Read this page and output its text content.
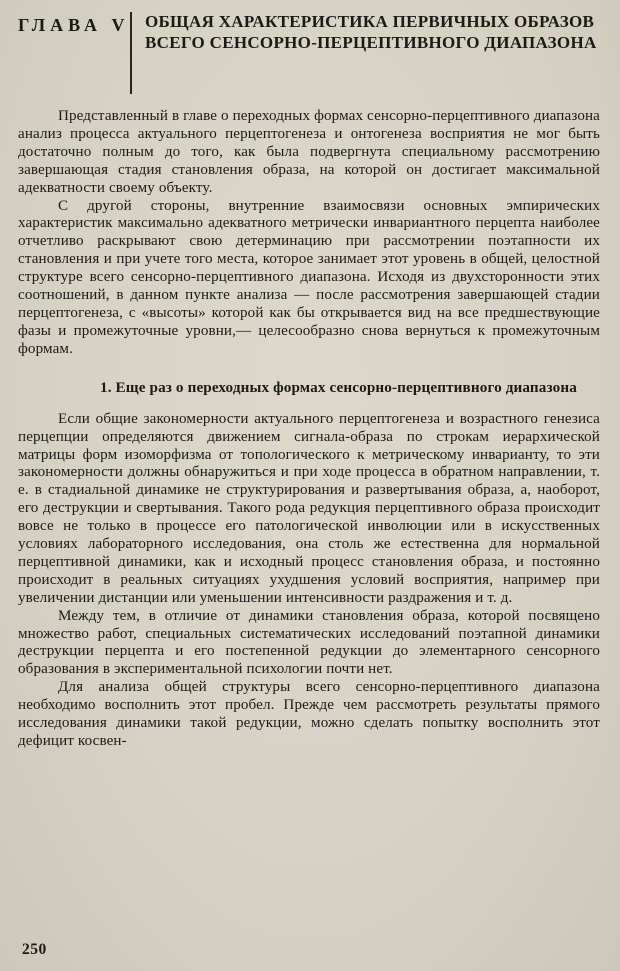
ГЛАВА V ОБЩАЯ ХАРАКТЕРИСТИКА ПЕРВИЧНЫХ ОБРАЗОВ ВСЕГО СЕНСОРНО-ПЕРЦЕПТИВНОГО ДИАПАЗОНА

Представленный в главе о переходных формах сенсорно-перцептивного диапазона анализ процесса актуального перцептогенеза и онтогенеза восприятия не мог быть достаточно полным до того, как была подвергнута специальному рассмотрению завершающая стадия становления образа, на которой он достигает максимальной адекватности своему объекту.

С другой стороны, внутренние взаимосвязи основных эмпирических характеристик максимально адекватного метрически инвариантного перцепта наиболее отчетливо раскрывают свою детерминацию при рассмотрении поэтапности их становления и при учете того места, которое занимает этот уровень в общей, целостной структуре всего сенсорно-перцептивного диапазона. Исходя из двухсторонности этих соотношений, в данном пункте анализа — после рассмотрения завершающей стадии перцептогенеза, с «высоты» которой как бы открывается вид на все предшествующие фазы и промежуточные уровни,— целесообразно снова вернуться к промежуточным формам.

1. Еще раз о переходных формах сенсорно-перцептивного диапазона

Если общие закономерности актуального перцептогенеза и возрастного генезиса перцепции определяются движением сигнала-образа по строкам иерархической матрицы форм изоморфизма от топологического к метрическому инварианту, то эти закономерности должны обнаружиться и при ходе процесса в обратном направлении, т. е. в стадиальной динамике не структурирования и развертывания образа, а, наоборот, его деструкции и свертывания. Такого рода редукция перцептивного образа происходит вовсе не только в процессе его патологической инволюции или в искусственных условиях лабораторного исследования, она столь же естественна для нормальной перцептивной динамики, как и исходный процесс становления образа, и постоянно происходит в реальных ситуациях ухудшения условий восприятия, например при увеличении дистанции или уменьшении интенсивности раздражения и т. д.

Между тем, в отличие от динамики становления образа, которой посвящено множество работ, специальных систематических исследований поэтапной динамики деструкции перцепта и его постепенной редукции до элементарного сенсорного образования в экспериментальной психологии почти нет.

Для анализа общей структуры всего сенсорно-перцептивного диапазона необходимо восполнить этот пробел. Прежде чем рассмотреть результаты прямого исследования динамики такой редукции, можно сделать попытку восполнить этот дефицит косвен-

250
